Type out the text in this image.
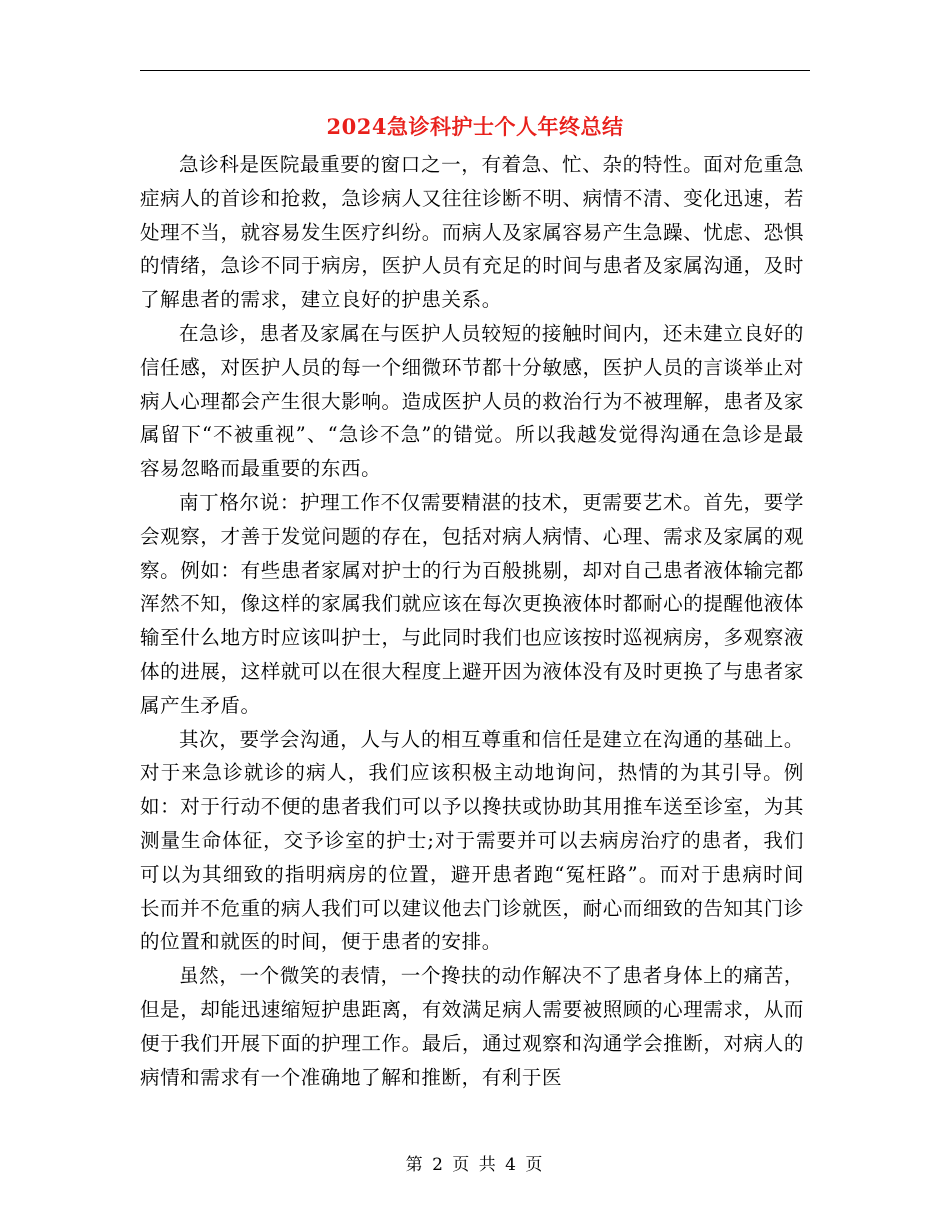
2024急诊科护士个人年终总结

急诊科是医院最重要的窗口之一，有着急、忙、杂的特性。面对危重急症病人的首诊和抢救，急诊病人又往往诊断不明、病情不清、变化迅速，若处理不当，就容易发生医疗纠纷。而病人及家属容易产生急躁、忧虑、恐惧的情绪，急诊不同于病房，医护人员有充足的时间与患者及家属沟通，及时了解患者的需求，建立良好的护患关系。

在急诊，患者及家属在与医护人员较短的接触时间内，还未建立良好的信任感，对医护人员的每一个细微环节都十分敏感，医护人员的言谈举止对病人心理都会产生很大影响。造成医护人员的救治行为不被理解，患者及家属留下“不被重视”、“急诊不急”的错觉。所以我越发觉得沟通在急诊是最容易忽略而最重要的东西。

南丁格尔说：护理工作不仅需要精湛的技术，更需要艺术。首先，要学会观察，才善于发觉问题的存在，包括对病人病情、心理、需求及家属的观察。例如：有些患者家属对护士的行为百般挑剔，却对自己患者液体输完都浑然不知，像这样的家属我们就应该在每次更换液体时都耐心的提醒他液体输至什么地方时应该叫护士，与此同时我们也应该按时巡视病房，多观察液体的进展，这样就可以在很大程度上避开因为液体没有及时更换了与患者家属产生矛盾。

其次，要学会沟通，人与人的相互尊重和信任是建立在沟通的基础上。对于来急诊就诊的病人，我们应该积极主动地询问，热情的为其引导。例如：对于行动不便的患者我们可以予以搀扶或协助其用推车送至诊室，为其测量生命体征，交予诊室的护士;对于需要并可以去病房治疗的患者，我们可以为其细致的指明病房的位置，避开患者跑“冤枉路”。而对于患病时间长而并不危重的病人我们可以建议他去门诊就医，耐心而细致的告知其门诊的位置和就医的时间，便于患者的安排。

虽然，一个微笑的表情，一个搀扶的动作解决不了患者身体上的痛苦，但是，却能迅速缩短护患距离，有效满足病人需要被照顾的心理需求，从而便于我们开展下面的护理工作。最后，通过观察和沟通学会推断，对病人的病情和需求有一个准确地了解和推断，有利于医

第 2 页 共 4 页
